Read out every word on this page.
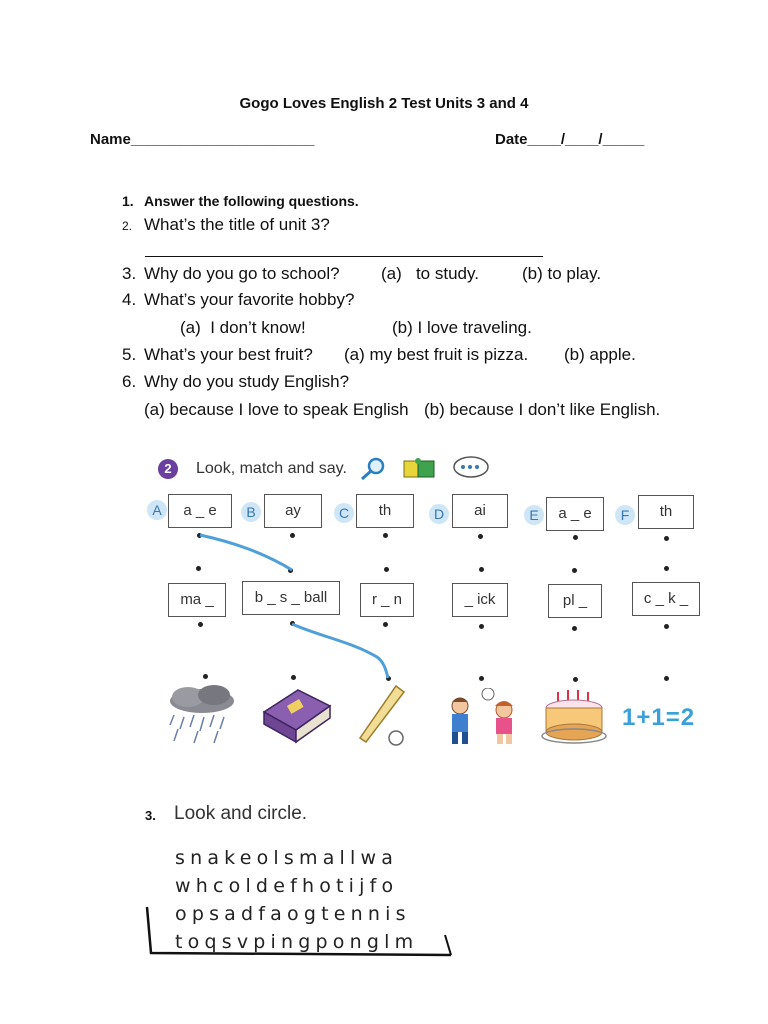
Gogo Loves English 2 Test Units 3 and 4
Name______________________	Date____/____/_____
1. Answer the following questions.
2. What’s the title of unit 3?
3. Why do you go to school? (a)   to study.	(b) to play.
4. What’s your favorite hobby?
(a)  I don’t know!	(b) I love traveling.
5. What’s your best fruit? (a) my best fruit is pizza. (b) apple.
6. Why do you study English?
(a) because I love to speak English (b) because I don’t like English.
2	Look, match and say.
A	a _ e	B	ay	C	th	D	ai	E	a _ e	F	th
ma _	b _ s _ ball	r _ n	_ ick	pl _	c _ k _
1+1=2
3. Look and circle.
snakeolsmallwa
whcoldefhotijfo
opsadfaogtennis
toqsvpingponglm
